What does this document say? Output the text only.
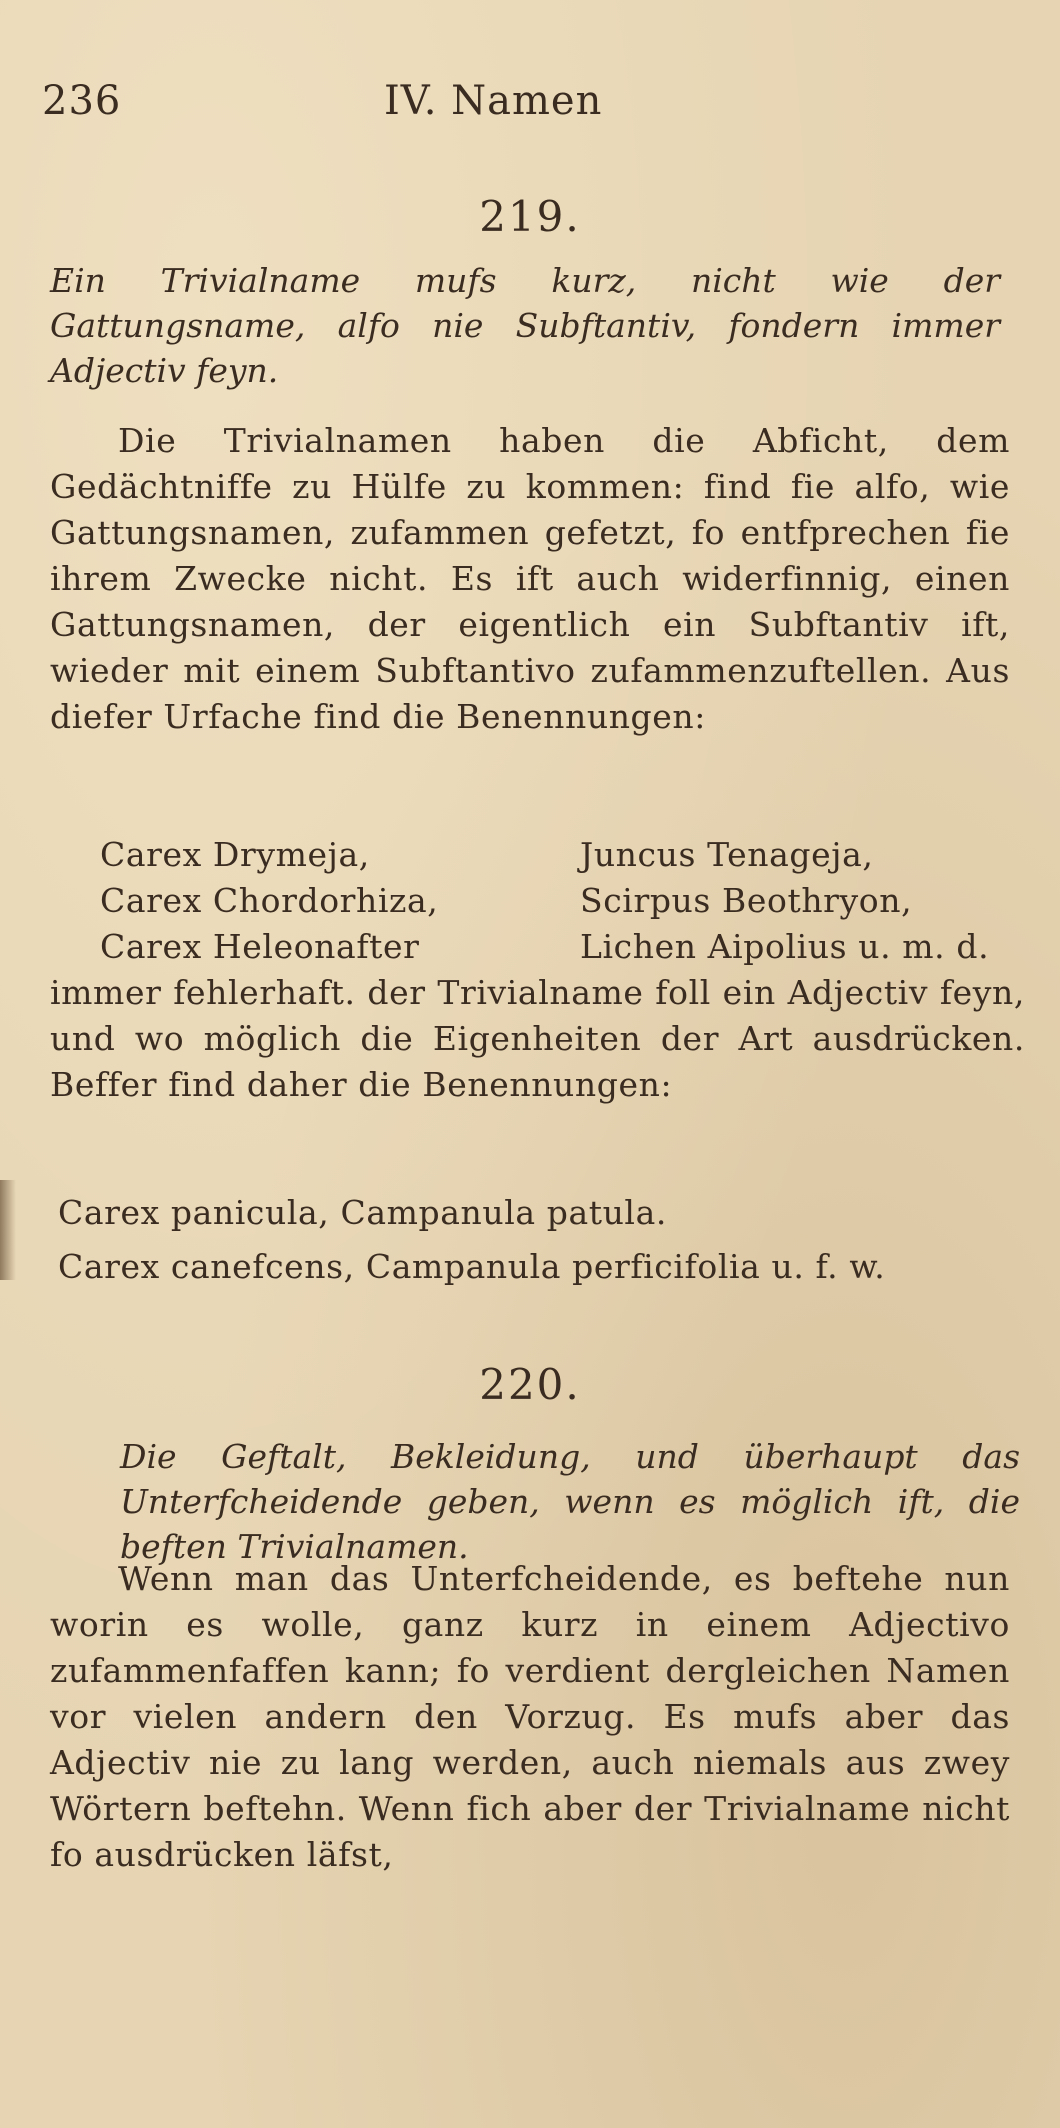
236	IV. Namen
219.
Ein Trivialname mufs kurz, nicht wie der Gattungsname, alfo nie Subftantiv, fondern immer Adjectiv feyn.

Die Trivialnamen haben die Abficht, dem Gedächtniffe zu Hülfe zu kommen: find fie alfo, wie Gattungsnamen, zufammen gefetzt, fo entfprechen fie ihrem Zwecke nicht. Es ift auch widerfinnig, einen Gattungsnamen, der eigentlich ein Subftantiv ift, wieder mit einem Subftantivo zufammenzuftellen. Aus diefer Urfache find die Benennungen:

Carex Drymeja,	Juncus Tenageja,
Carex Chordorhiza,	Scirpus Beothryon,
Carex Heleonafter	Lichen Aipolius u. m. d.

immer fehlerhaft. der Trivialname foll ein Adjectiv feyn, und wo möglich die Eigenheiten der Art ausdrücken. Beffer find daher die Benennungen:

Carex panicula, Campanula patula.
Carex canefcens, Campanula perficifolia u. f. w.
220.
Die Geftalt, Bekleidung, und überhaupt das Unterfcheidende geben, wenn es möglich ift, die beften Trivialnamen.

Wenn man das Unterfcheidende, es beftehe nun worin es wolle, ganz kurz in einem Adjectivo zufammenfaffen kann; fo verdient dergleichen Namen vor vielen andern den Vorzug. Es mufs aber das Adjectiv nie zu lang werden, auch niemals aus zwey Wörtern beftehn. Wenn fich aber der Trivialname nicht fo ausdrücken läfst,
